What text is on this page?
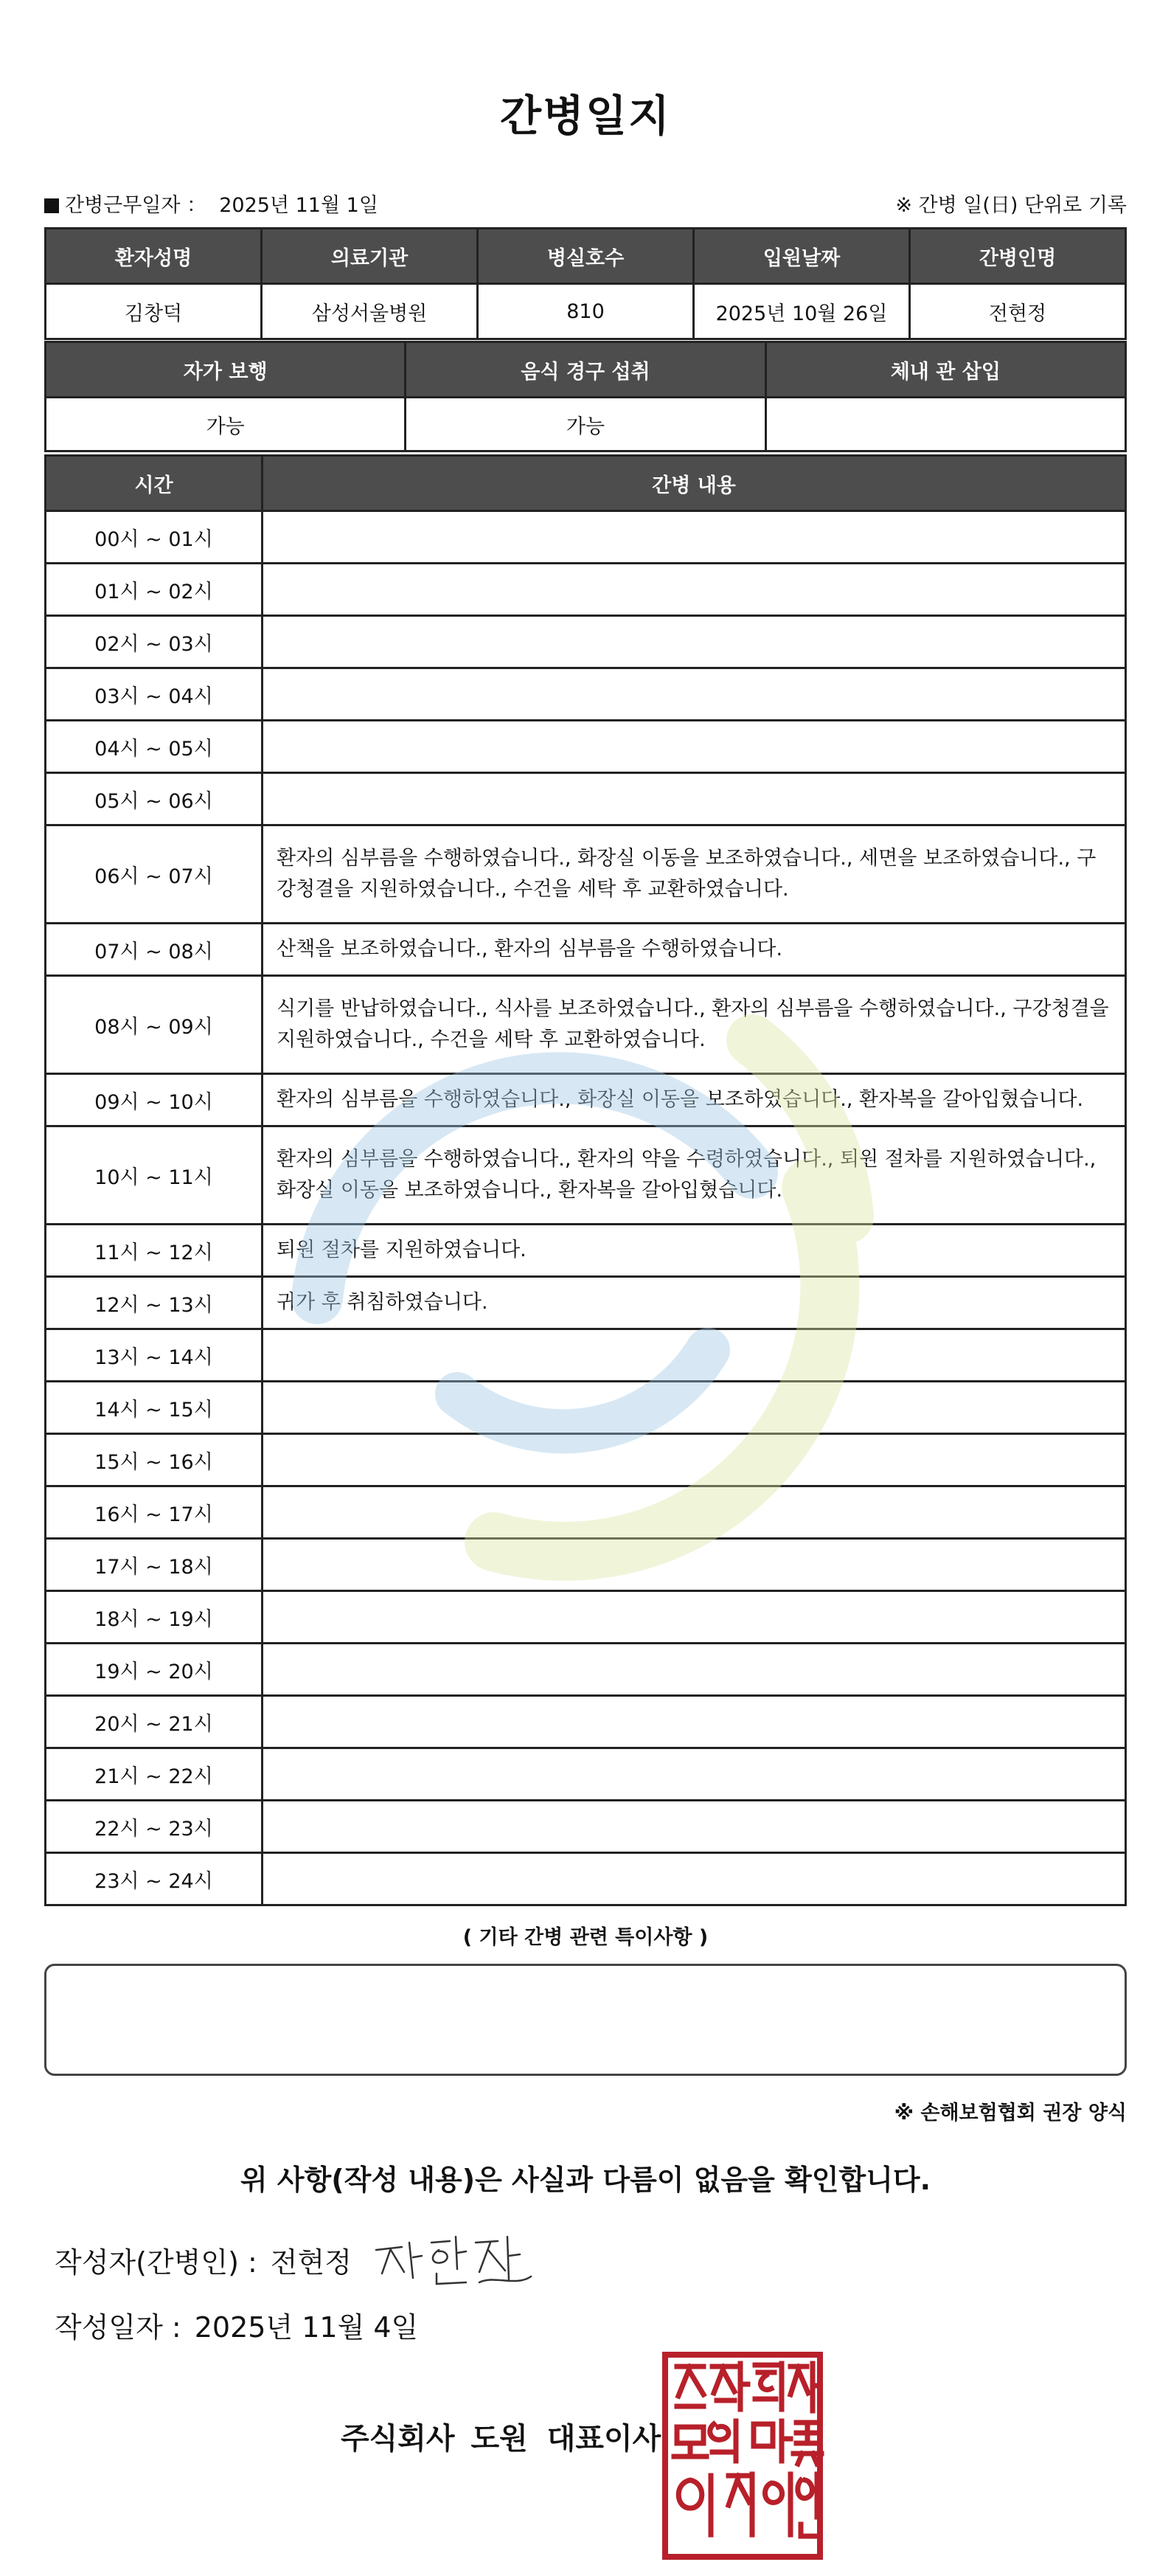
간병일지
간병근무일자 ： 2025년 11월 1일	※ 간병 일(日) 단위로 기록
환자성명	의료기관	병실호수	입원날짜	간병인명
김창덕	삼성서울병원	810	2025년 10월 26일	전현정
자가 보행	음식 경구 섭취	체내 관 삽입
가능	가능	
시간	간병 내용
00시 ~ 01시	
01시 ~ 02시	
02시 ~ 03시	
03시 ~ 04시	
04시 ~ 05시	
05시 ~ 06시	
06시 ~ 07시	환자의 심부름을 수행하였습니다., 화장실 이동을 보조하였습니다., 세면을 보조하였습니다., 구강청결을 지원하였습니다., 수건을 세탁 후 교환하였습니다.
07시 ~ 08시	산책을 보조하였습니다., 환자의 심부름을 수행하였습니다.
08시 ~ 09시	식기를 반납하였습니다., 식사를 보조하였습니다., 환자의 심부름을 수행하였습니다., 구강청결을 지원하였습니다., 수건을 세탁 후 교환하였습니다.
09시 ~ 10시	환자의 심부름을 수행하였습니다., 화장실 이동을 보조하였습니다., 환자복을 갈아입혔습니다.
10시 ~ 11시	환자의 심부름을 수행하였습니다., 환자의 약을 수령하였습니다., 퇴원 절차를 지원하였습니다., 화장실 이동을 보조하였습니다., 환자복을 갈아입혔습니다.
11시 ~ 12시	퇴원 절차를 지원하였습니다.
12시 ~ 13시	귀가 후 취침하였습니다.
13시 ~ 14시	
14시 ~ 15시	
15시 ~ 16시	
16시 ~ 17시	
17시 ~ 18시	
18시 ~ 19시	
19시 ~ 20시	
20시 ~ 21시	
21시 ~ 22시	
22시 ~ 23시	
23시 ~ 24시	
( 기타 간병 관련 특이사항 )
※ 손해보험협회 권장 양식
위 사항(작성 내용)은 사실과 다름이 없음을 확인합니다.
작성자(간병인) : 전현정
작성일자 : 2025년 11월 4일
주식회사 도원 대표이사
